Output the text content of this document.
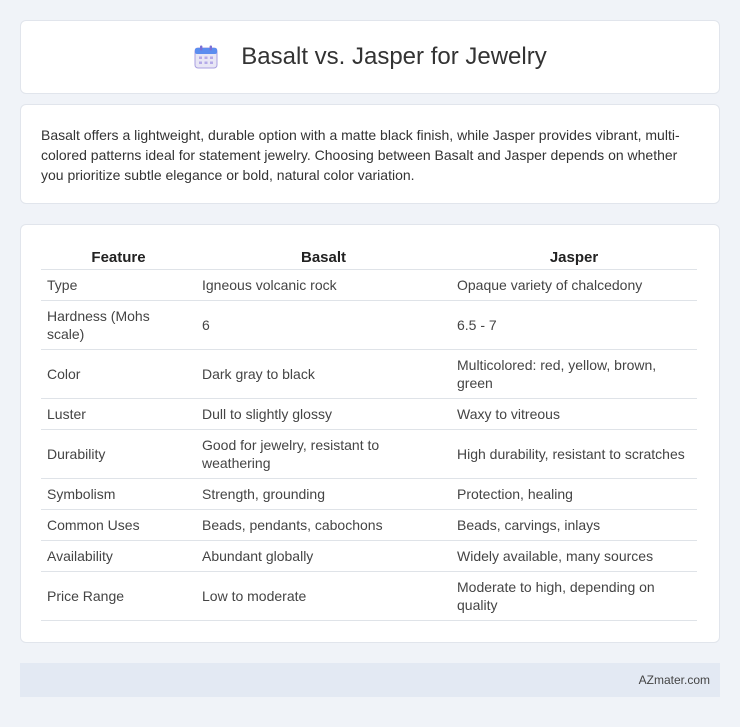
Basalt vs. Jasper for Jewelry

Basalt offers a lightweight, durable option with a matte black finish, while Jasper provides vibrant, multi-colored patterns ideal for statement jewelry. Choosing between Basalt and Jasper depends on whether you prioritize subtle elegance or bold, natural color variation.

Feature	Basalt	Jasper
Type	Igneous volcanic rock	Opaque variety of chalcedony
Hardness (Mohs scale)	6	6.5 - 7
Color	Dark gray to black	Multicolored: red, yellow, brown, green
Luster	Dull to slightly glossy	Waxy to vitreous
Durability	Good for jewelry, resistant to weathering	High durability, resistant to scratches
Symbolism	Strength, grounding	Protection, healing
Common Uses	Beads, pendants, cabochons	Beads, carvings, inlays
Availability	Abundant globally	Widely available, many sources
Price Range	Low to moderate	Moderate to high, depending on quality
AZmater.com
